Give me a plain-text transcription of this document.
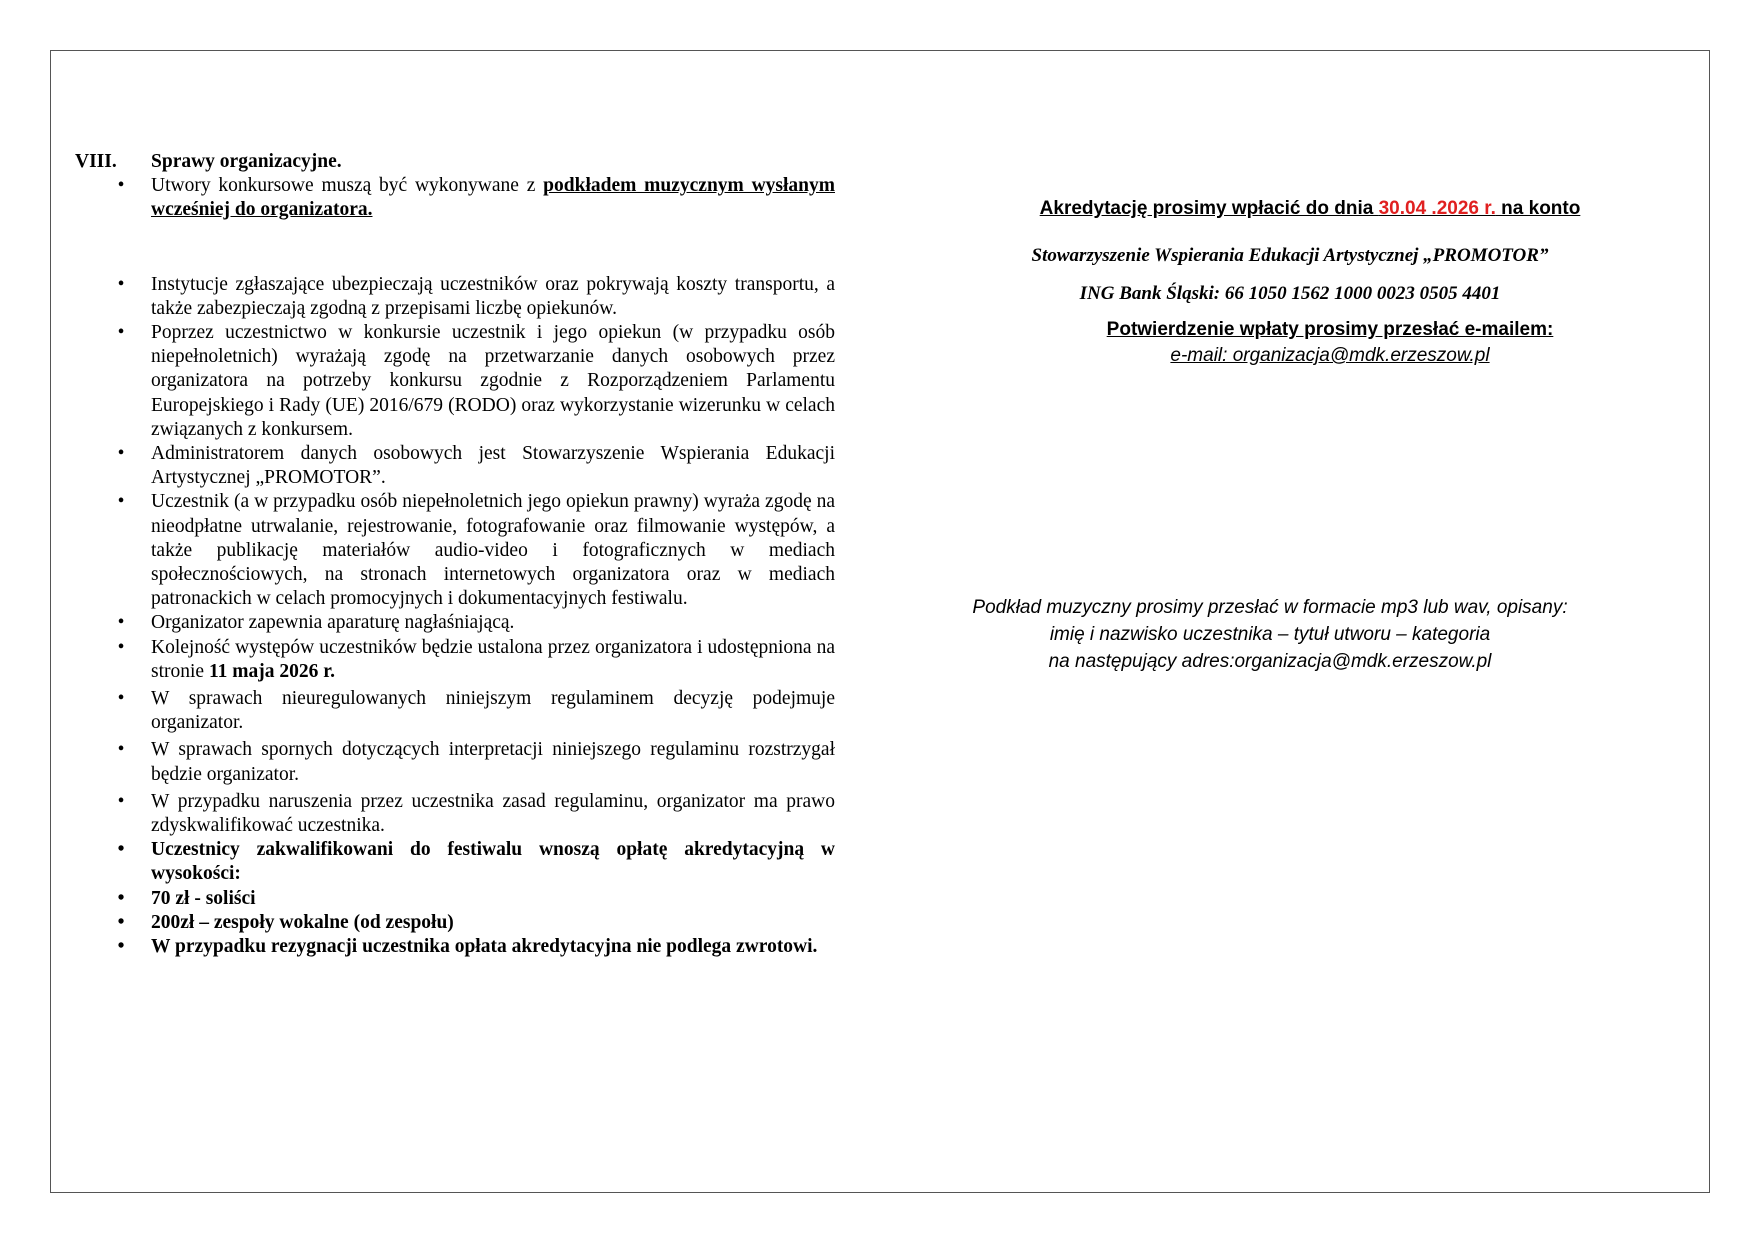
VIII.	Sprawy organizacyjne.
•	Utwory konkursowe muszą być wykonywane z podkładem muzycznym wysłanym wcześniej do organizatora.
•	Instytucje zgłaszające ubezpieczają uczestników oraz pokrywają koszty transportu, a także zabezpieczają zgodną z przepisami liczbę opiekunów.
•	Poprzez uczestnictwo w konkursie uczestnik i jego opiekun (w przypadku osób niepełnoletnich) wyrażają zgodę na przetwarzanie danych osobowych przez organizatora na potrzeby konkursu zgodnie z Rozporządzeniem Parlamentu Europejskiego i Rady (UE) 2016/679 (RODO) oraz wykorzystanie wizerunku w celach związanych z konkursem.
•	Administratorem danych osobowych jest Stowarzyszenie Wspierania Edukacji Artystycznej „PROMOTOR”.
•	Uczestnik (a w przypadku osób niepełnoletnich jego opiekun prawny) wyraża zgodę na nieodpłatne utrwalanie, rejestrowanie, fotografowanie oraz filmowanie występów, a także publikację materiałów audio-video i fotograficznych w mediach społecznościowych, na stronach internetowych organizatora oraz w mediach patronackich w celach promocyjnych i dokumentacyjnych festiwalu.
•	Organizator zapewnia aparaturę nagłaśniającą.
•	Kolejność występów uczestników będzie ustalona przez organizatora i udostępniona na stronie 11 maja 2026 r.
•	W sprawach nieuregulowanych niniejszym regulaminem decyzję podejmuje organizator.
•	W sprawach spornych dotyczących interpretacji niniejszego regulaminu rozstrzygał będzie organizator.
•	W przypadku naruszenia przez uczestnika zasad regulaminu, organizator ma prawo zdyskwalifikować uczestnika.
•	Uczestnicy zakwalifikowani do festiwalu wnoszą opłatę akredytacyjną w wysokości:
•	70 zł - soliści
•	200zł – zespoły wokalne (od zespołu)
•	W przypadku rezygnacji uczestnika opłata akredytacyjna nie podlega zwrotowi.
Akredytację prosimy wpłacić do dnia 30.04 .2026 r. na konto
Stowarzyszenie Wspierania Edukacji Artystycznej „PROMOTOR”
ING Bank Śląski: 66 1050 1562 1000 0023 0505 4401
Potwierdzenie wpłaty prosimy przesłać e-mailem:
e-mail: organizacja@mdk.erzeszow.pl
Podkład muzyczny prosimy przesłać w formacie mp3 lub wav, opisany:
imię i nazwisko uczestnika – tytuł utworu – kategoria
na następujący adres:organizacja@mdk.erzeszow.pl
